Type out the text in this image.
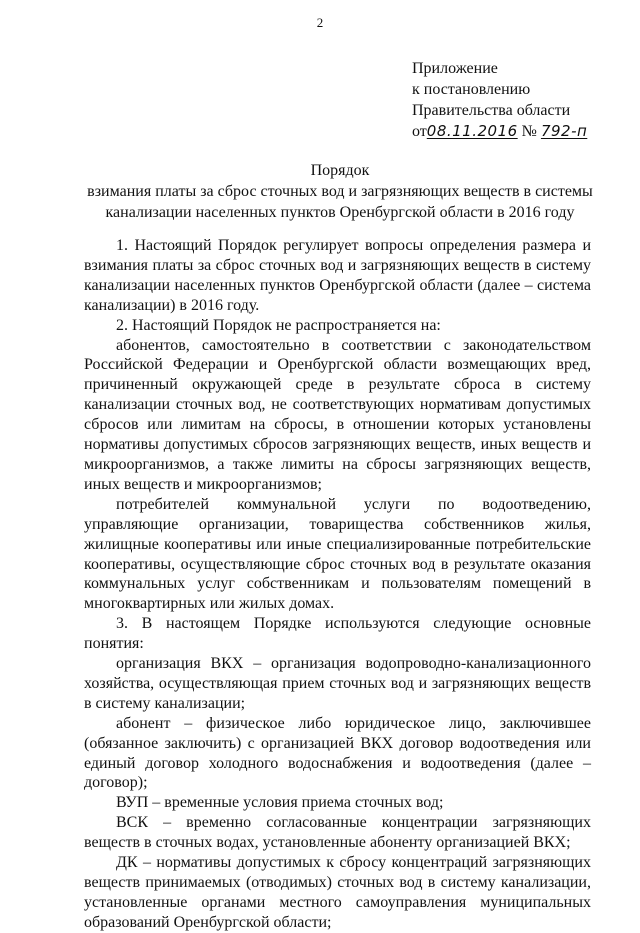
2
Приложение
к постановлению
Правительства области
от08.11.2016 № 792-п
Порядок
взимания платы за сброс сточных вод и загрязняющих веществ в системы
канализации населенных пунктов Оренбургской области в 2016 году

1. Настоящий Порядок регулирует вопросы определения размера и взимания платы за сброс сточных вод и загрязняющих веществ в систему канализации населенных пунктов Оренбургской области (далее – система канализации) в 2016 году.

2. Настоящий Порядок не распространяется на:

абонентов, самостоятельно в соответствии с законодательством Российской Федерации и Оренбургской области возмещающих вред, причиненный окружающей среде в результате сброса в систему канализации сточных вод, не соответствующих нормативам допустимых сбросов или лимитам на сбросы, в отношении которых установлены нормативы допустимых сбросов загрязняющих веществ, иных веществ и микроорганизмов, а также лимиты на сбросы загрязняющих веществ, иных веществ и микроорганизмов;

потребителей коммунальной услуги по водоотведению, управляющие организации, товарищества собственников жилья, жилищные кооперативы или иные специализированные потребительские кооперативы, осуществляющие сброс сточных вод в результате оказания коммунальных услуг собственникам и пользователям помещений в многоквартирных или жилых домах.

3. В настоящем Порядке используются следующие основные понятия:

организация ВКХ – организация водопроводно-канализационного хозяйства, осуществляющая прием сточных вод и загрязняющих веществ в систему канализации;

абонент – физическое либо юридическое лицо, заключившее (обязанное заключить) с организацией ВКХ договор водоотведения или единый договор холодного водоснабжения и водоотведения (далее – договор);

ВУП – временные условия приема сточных вод;

ВСК – временно согласованные концентрации загрязняющих веществ в сточных водах, установленные абоненту организацией ВКХ;

ДК – нормативы допустимых к сбросу концентраций загрязняющих веществ принимаемых (отводимых) сточных вод в систему канализации, установленные органами местного самоуправления муниципальных образований Оренбургской области;
